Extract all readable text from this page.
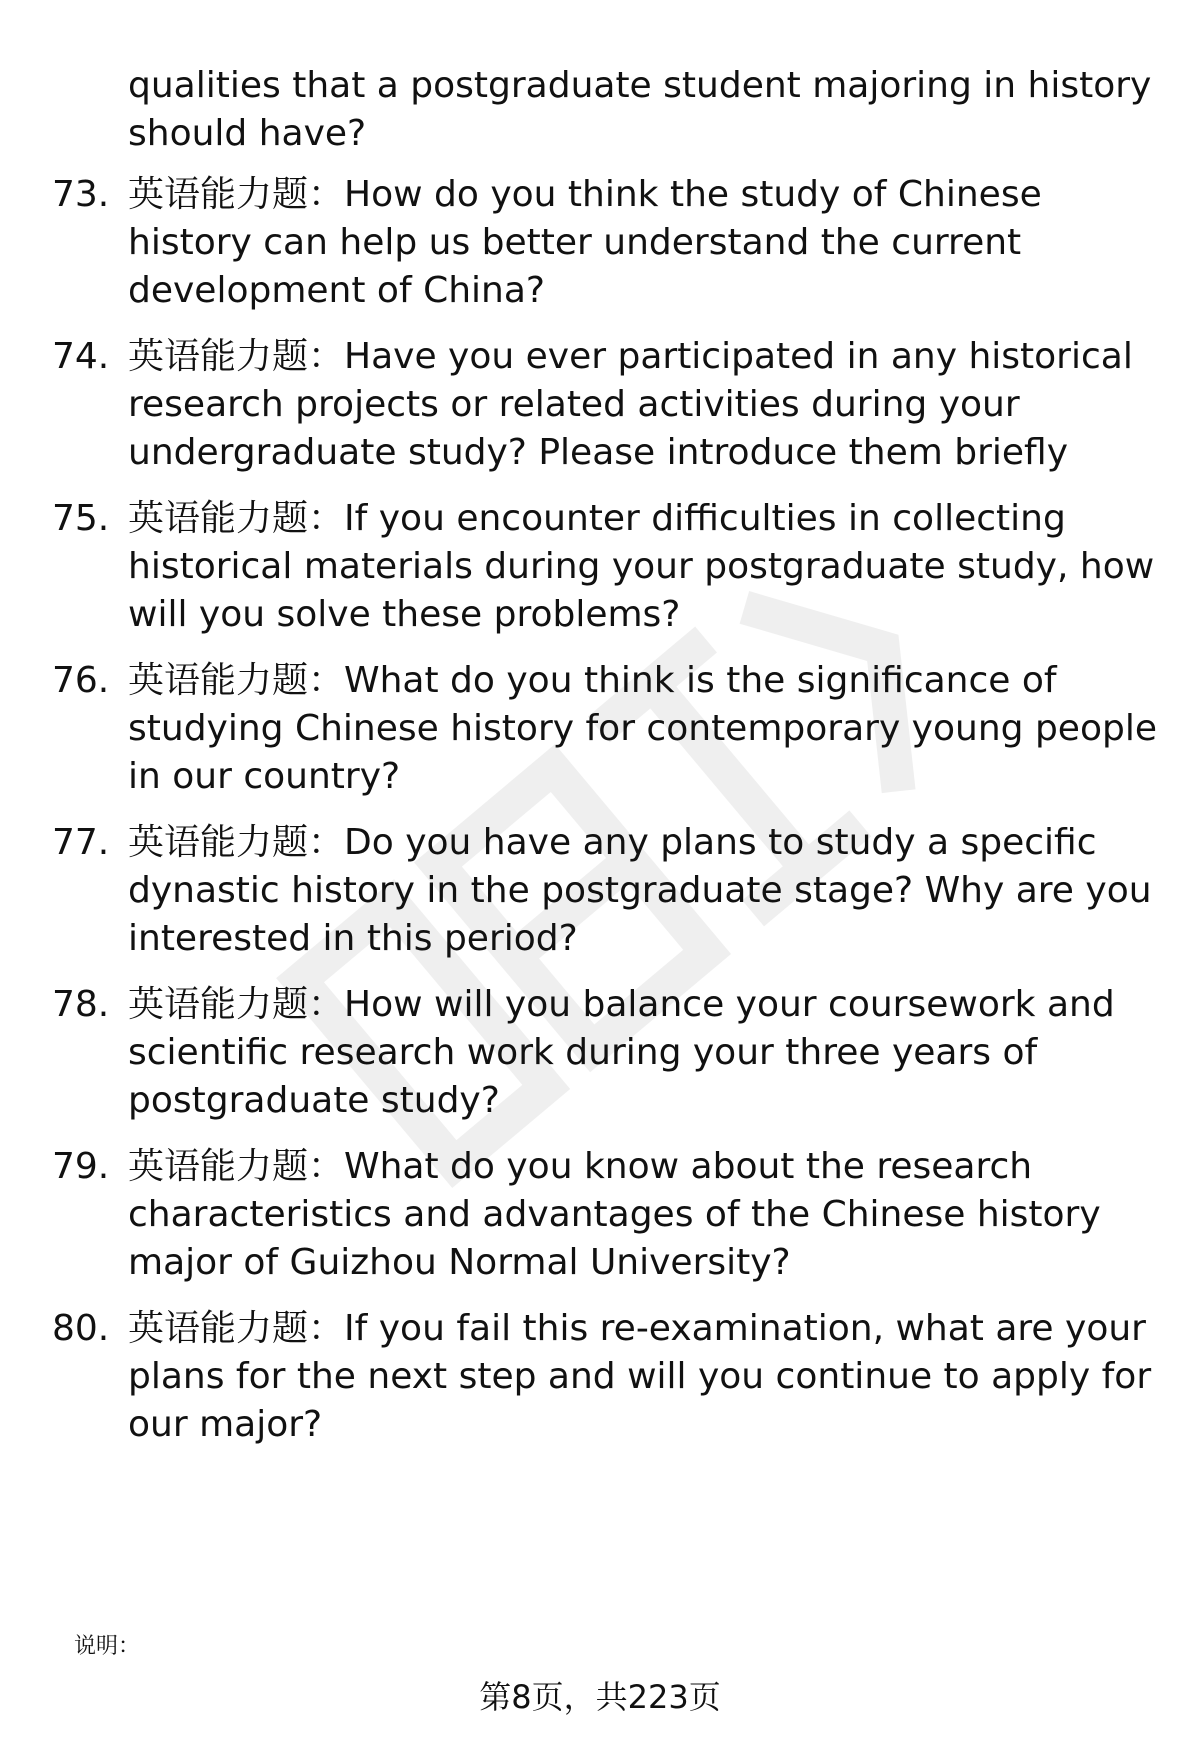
qualities that a postgraduate student majoring in history should have?
73. 英语能力题：How do you think the study of Chinese history can help us better understand the current development of China?
74. 英语能力题：Have you ever participated in any historical research projects or related activities during your undergraduate study? Please introduce them briefly
75. 英语能力题：If you encounter difficulties in collecting historical materials during your postgraduate study, how will you solve these problems?
76. 英语能力题：What do you think is the significance of studying Chinese history for contemporary young people in our country?
77. 英语能力题：Do you have any plans to study a specific dynastic history in the postgraduate stage? Why are you interested in this period?
78. 英语能力题：How will you balance your coursework and scientific research work during your three years of postgraduate study?
79. 英语能力题：What do you know about the research characteristics and advantages of the Chinese history major of Guizhou Normal University?
80. 英语能力题：If you fail this re-examination, what are your plans for the next step and will you continue to apply for our major?
说明：
第8页，共223页
